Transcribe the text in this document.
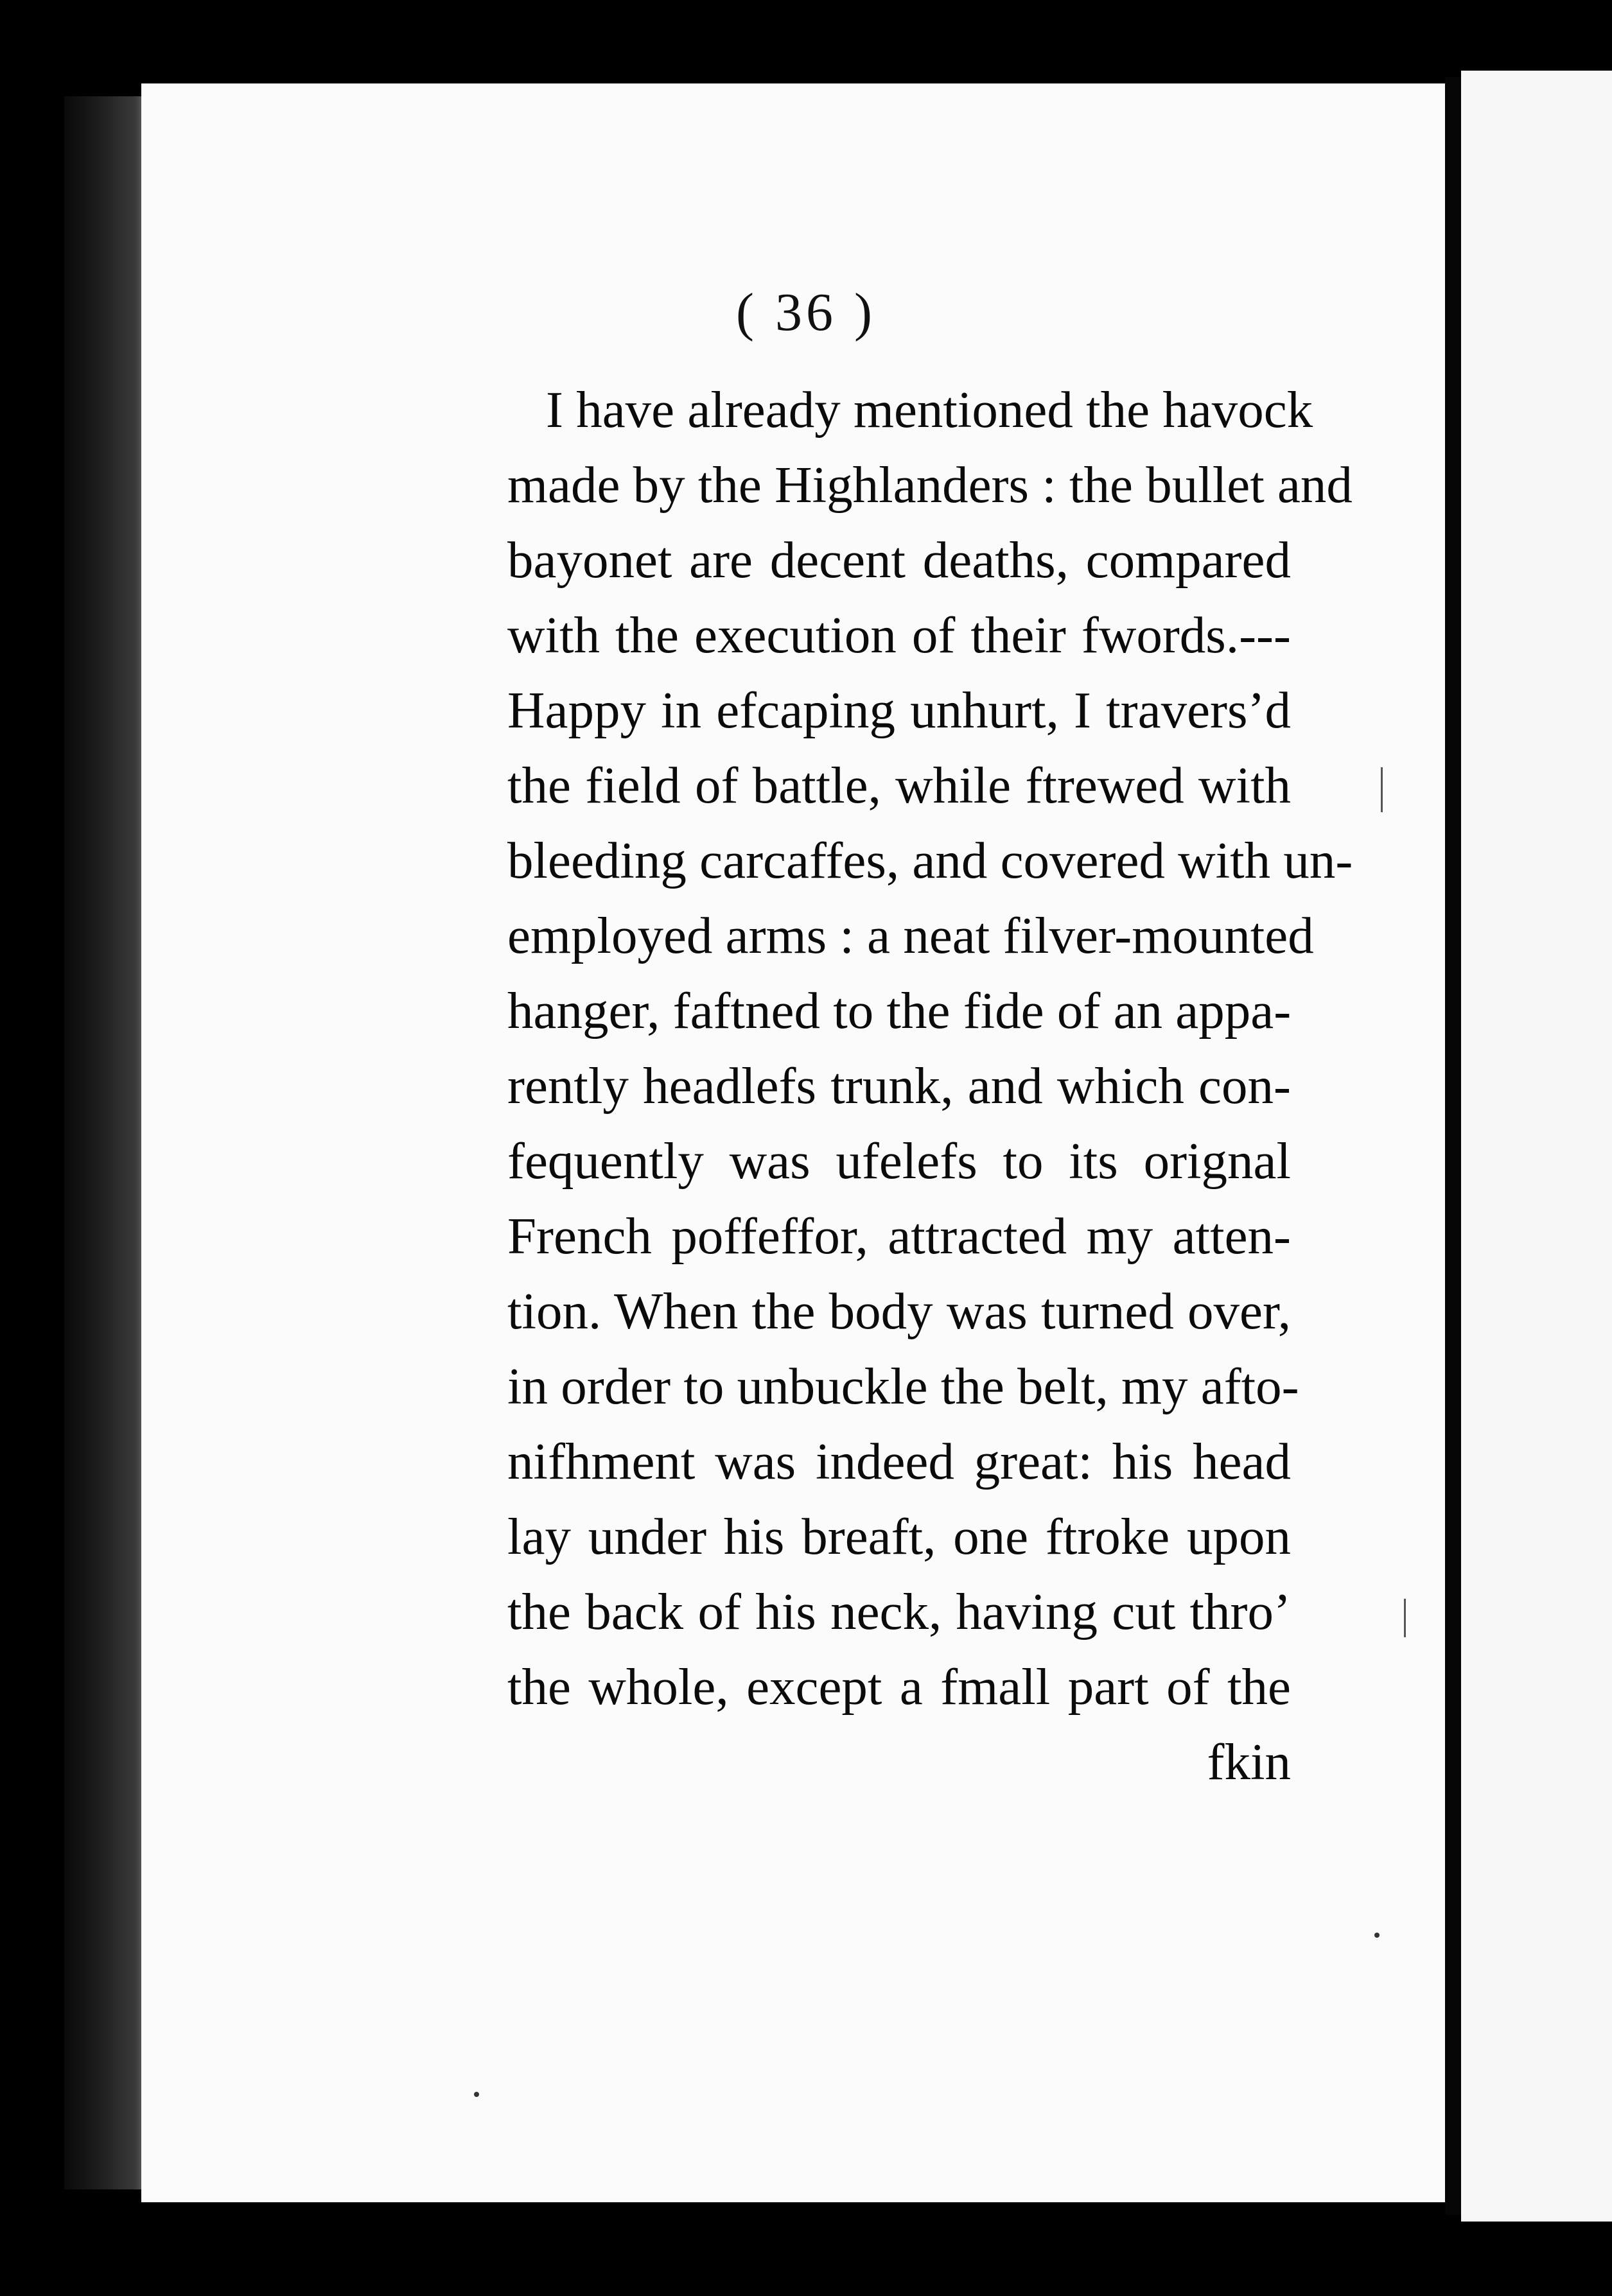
( 36 )
I have already mentioned the havock
made by the Highlanders : the bullet and
bayonet are decent deaths, compared
with the execution of their fwords.---
Happy in efcaping unhurt, I travers’d
the field of battle, while ftrewed with
bleeding carcaffes, and covered with un-
employed arms : a neat filver-mounted
hanger, faftned to the fide of an appa-
rently headlefs trunk, and which con-
fequently was ufelefs to its orignal
French poffeffor, attracted my atten-
tion. When the body was turned over,
in order to unbuckle the belt, my afto-
nifhment was indeed great: his head
lay under his breaft, one ftroke upon
the back of his neck, having cut thro’
the whole, except a fmall part of the
fkin
